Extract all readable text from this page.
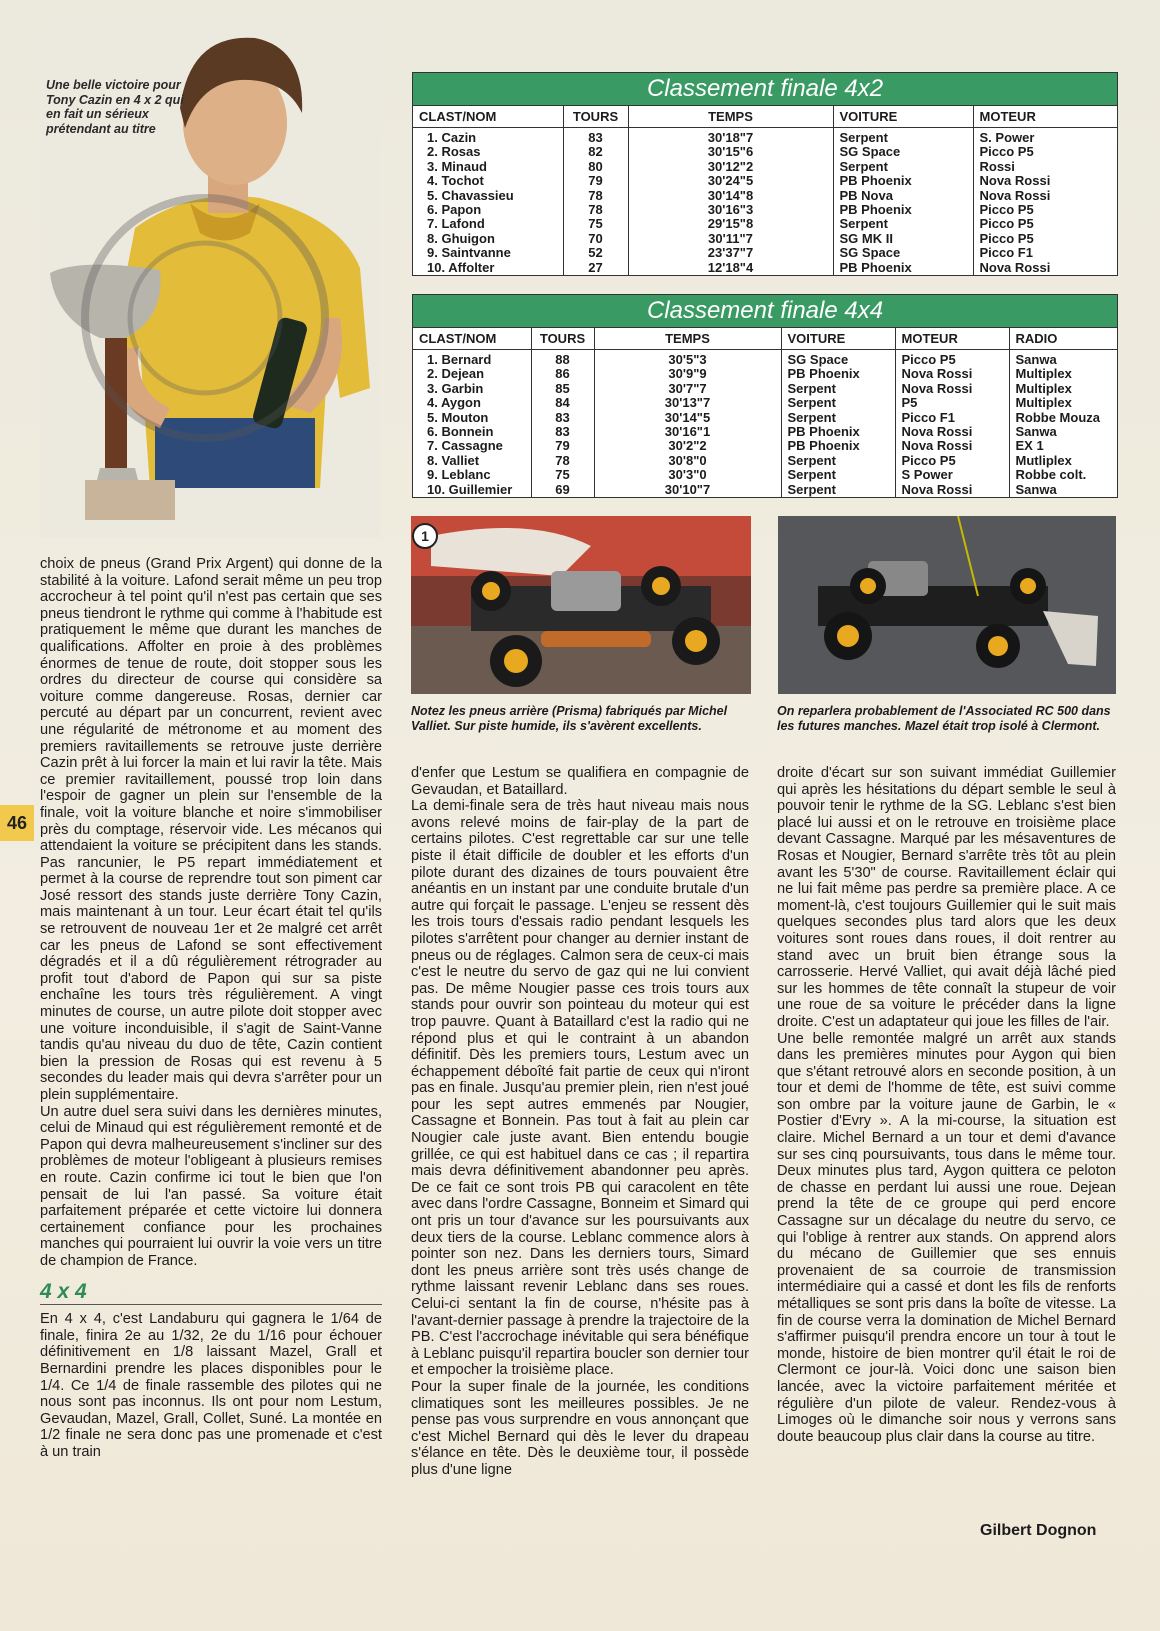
Une belle victoire pour Tony Cazin en 4 x 2 qui en fait un sérieux prétendant au titre
Classement finale 4x2
CLAST/NOM	TOURS	TEMPS	VOITURE	MOTEUR
1. Cazin	83	30'18"7	Serpent	S. Power
2. Rosas	82	30'15"6	SG Space	Picco P5
3. Minaud	80	30'12"2	Serpent	Rossi
4. Tochot	79	30'24"5	PB Phoenix	Nova Rossi
5. Chavassieu	78	30'14"8	PB Nova	Nova Rossi
6. Papon	78	30'16"3	PB Phoenix	Picco P5
7. Lafond	75	29'15"8	Serpent	Picco P5
8. Ghuigon	70	30'11"7	SG MK II	Picco P5
9. Saintvanne	52	23'37"7	SG Space	Picco F1
10. Affolter	27	12'18"4	PB Phoenix	Nova Rossi
Classement finale 4x4
CLAST/NOM	TOURS	TEMPS	VOITURE	MOTEUR	RADIO
1. Bernard	88	30'5"3	SG Space	Picco P5	Sanwa
2. Dejean	86	30'9"9	PB Phoenix	Nova Rossi	Multiplex
3. Garbin	85	30'7"7	Serpent	Nova Rossi	Multiplex
4. Aygon	84	30'13"7	Serpent	P5	Multiplex
5. Mouton	83	30'14"5	Serpent	Picco F1	Robbe Mouza
6. Bonnein	83	30'16"1	PB Phoenix	Nova Rossi	Sanwa
7. Cassagne	79	30'2"2	PB Phoenix	Nova Rossi	EX 1
8. Valliet	78	30'8"0	Serpent	Picco P5	Mutliplex
9. Leblanc	75	30'3"0	Serpent	S Power	Robbe colt.
10. Guillemier	69	30'10"7	Serpent	Nova Rossi	Sanwa
1
Notez les pneus arrière (Prisma) fabriqués par Michel Valliet. Sur piste humide, ils s'avèrent excellents.
On reparlera probablement de l'Associated RC 500 dans les futures manches. Mazel était trop isolé à Clermont.
46

choix de pneus (Grand Prix Argent) qui donne de la stabilité à la voiture. Lafond serait même un peu trop accrocheur à tel point qu'il n'est pas certain que ses pneus tiendront le rythme qui comme à l'habitude est pratiquement le même que durant les manches de qualifications. Affolter en proie à des problèmes énormes de tenue de route, doit stopper sous les ordres du directeur de course qui considère sa voiture comme dangereuse. Rosas, dernier car percuté au départ par un concurrent, revient avec une régularité de métronome et au moment des premiers ravitaillements se retrouve juste derrière Cazin prêt à lui forcer la main et lui ravir la tête. Mais ce premier ravitaillement, poussé trop loin dans l'espoir de gagner un plein sur l'ensemble de la finale, voit la voiture blanche et noire s'immobiliser près du comptage, réservoir vide. Les mécanos qui attendaient la voiture se précipitent dans les stands. Pas rancunier, le P5 repart immédiatement et permet à la course de reprendre tout son piment car José ressort des stands juste derrière Tony Cazin, mais maintenant à un tour. Leur écart était tel qu'ils se retrouvent de nouveau 1er et 2e malgré cet arrêt car les pneus de Lafond se sont effectivement dégradés et il a dû régulièrement rétrograder au profit tout d'abord de Papon qui sur sa piste enchaîne les tours très régulièrement. A vingt minutes de course, un autre pilote doit stopper avec une voiture inconduisible, il s'agit de Saint-Vanne tandis qu'au niveau du duo de tête, Cazin contient bien la pression de Rosas qui est revenu à 5 secondes du leader mais qui devra s'arrêter pour un plein supplémentaire.

Un autre duel sera suivi dans les dernières minutes, celui de Minaud qui est régulièrement remonté et de Papon qui devra malheureusement s'incliner sur des problèmes de moteur l'obligeant à plusieurs remises en route. Cazin confirme ici tout le bien que l'on pensait de lui l'an passé. Sa voiture était parfaitement préparée et cette victoire lui donnera certainement confiance pour les prochaines manches qui pourraient lui ouvrir la voie vers un titre de champion de France.

4 x 4

En 4 x 4, c'est Landaburu qui gagnera le 1/64 de finale, finira 2e au 1/32, 2e du 1/16 pour échouer définitivement en 1/8 laissant Mazel, Grall et Bernardini prendre les places disponibles pour le 1/4. Ce 1/4 de finale rassemble des pilotes qui ne nous sont pas inconnus. Ils ont pour nom Lestum, Gevaudan, Mazel, Grall, Collet, Suné. La montée en 1/2 finale ne sera donc pas une promenade et c'est à un train

d'enfer que Lestum se qualifiera en compagnie de Gevaudan, et Bataillard.

La demi-finale sera de très haut niveau mais nous avons relevé moins de fair-play de la part de certains pilotes. C'est regrettable car sur une telle piste il était difficile de doubler et les efforts d'un pilote durant des dizaines de tours pouvaient être anéantis en un instant par une conduite brutale d'un autre qui forçait le passage. L'enjeu se ressent dès les trois tours d'essais radio pendant lesquels les pilotes s'arrêtent pour changer au dernier instant de pneus ou de réglages. Calmon sera de ceux-ci mais c'est le neutre du servo de gaz qui ne lui convient pas. De même Nougier passe ces trois tours aux stands pour ouvrir son pointeau du moteur qui est trop pauvre. Quant à Bataillard c'est la radio qui ne répond plus et qui le contraint à un abandon définitif. Dès les premiers tours, Lestum avec un échappement déboîté fait partie de ceux qui n'iront pas en finale. Jusqu'au premier plein, rien n'est joué pour les sept autres emmenés par Nougier, Cassagne et Bonnein. Pas tout à fait au plein car Nougier cale juste avant. Bien entendu bougie grillée, ce qui est habituel dans ce cas ; il repartira mais devra définitivement abandonner peu après. De ce fait ce sont trois PB qui caracolent en tête avec dans l'ordre Cassagne, Bonneim et Simard qui ont pris un tour d'avance sur les poursuivants aux deux tiers de la course. Leblanc commence alors à pointer son nez. Dans les derniers tours, Simard dont les pneus arrière sont très usés change de rythme laissant revenir Leblanc dans ses roues. Celui-ci sentant la fin de course, n'hésite pas à l'avant-dernier passage à prendre la trajectoire de la PB. C'est l'accrochage inévitable qui sera bénéfique à Leblanc puisqu'il repartira boucler son dernier tour et empocher la troisième place.

Pour la super finale de la journée, les conditions climatiques sont les meilleures possibles. Je ne pense pas vous surprendre en vous annonçant que c'est Michel Bernard qui dès le lever du drapeau s'élance en tête. Dès le deuxième tour, il possède plus d'une ligne

droite d'écart sur son suivant immédiat Guillemier qui après les hésitations du départ semble le seul à pouvoir tenir le rythme de la SG. Leblanc s'est bien placé lui aussi et on le retrouve en troisième place devant Cassagne. Marqué par les mésaventures de Rosas et Nougier, Bernard s'arrête très tôt au plein avant les 5'30" de course. Ravitaillement éclair qui ne lui fait même pas perdre sa première place. A ce moment-là, c'est toujours Guillemier qui le suit mais quelques secondes plus tard alors que les deux voitures sont roues dans roues, il doit rentrer au stand avec un bruit bien étrange sous la carrosserie. Hervé Valliet, qui avait déjà lâché pied sur les hommes de tête connaît la stupeur de voir une roue de sa voiture le précéder dans la ligne droite. C'est un adaptateur qui joue les filles de l'air.

Une belle remontée malgré un arrêt aux stands dans les premières minutes pour Aygon qui bien que s'étant retrouvé alors en seconde position, à un tour et demi de l'homme de tête, est suivi comme son ombre par la voiture jaune de Garbin, le « Postier d'Evry ». A la mi-course, la situation est claire. Michel Bernard a un tour et demi d'avance sur ses cinq poursuivants, tous dans le même tour. Deux minutes plus tard, Aygon quittera ce peloton de chasse en perdant lui aussi une roue. Dejean prend la tête de ce groupe qui perd encore Cassagne sur un décalage du neutre du servo, ce qui l'oblige à rentrer aux stands. On apprend alors du mécano de Guillemier que ses ennuis provenaient de sa courroie de transmission intermédiaire qui a cassé et dont les fils de renforts métalliques se sont pris dans la boîte de vitesse. La fin de course verra la domination de Michel Bernard s'affirmer puisqu'il prendra encore un tour à tout le monde, histoire de bien montrer qu'il était le roi de Clermont ce jour-là. Voici donc une saison bien lancée, avec la victoire parfaitement méritée et régulière d'un pilote de valeur. Rendez-vous à Limoges où le dimanche soir nous y verrons sans doute beaucoup plus clair dans la course au titre.

Gilbert Dognon
